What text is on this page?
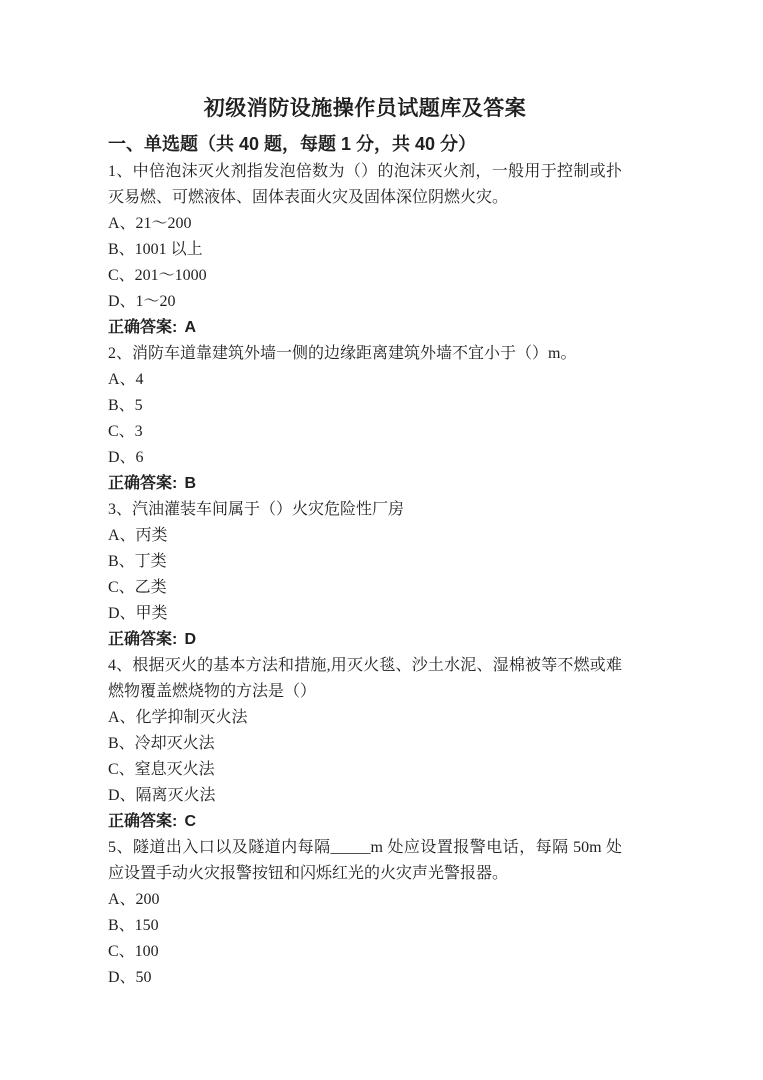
初级消防设施操作员试题库及答案
一、单选题（共 40 题，每题 1 分，共 40 分）

1、中倍泡沫灭火剂指发泡倍数为（）的泡沫灭火剂，一般用于控制或扑灭易燃、可燃液体、固体表面火灾及固体深位阴燃火灾。

A、21～200
B、1001 以上
C、201～1000
D、1～20
正确答案: A

2、消防车道靠建筑外墙一侧的边缘距离建筑外墙不宜小于（）m。

A、4
B、5
C、3
D、6
正确答案: B

3、汽油灌装车间属于（）火灾危险性厂房

A、丙类
B、丁类
C、乙类
D、甲类
正确答案: D

4、根据灭火的基本方法和措施,用灭火毯、沙土水泥、湿棉被等不燃或难燃物覆盖燃烧物的方法是（）

A、化学抑制灭火法
B、冷却灭火法
C、窒息灭火法
D、隔离灭火法
正确答案: C

5、隧道出入口以及隧道内每隔_____m 处应设置报警电话，每隔 50m 处应设置手动火灾报警按钮和闪烁红光的火灾声光警报器。

A、200
B、150
C、100
D、50
